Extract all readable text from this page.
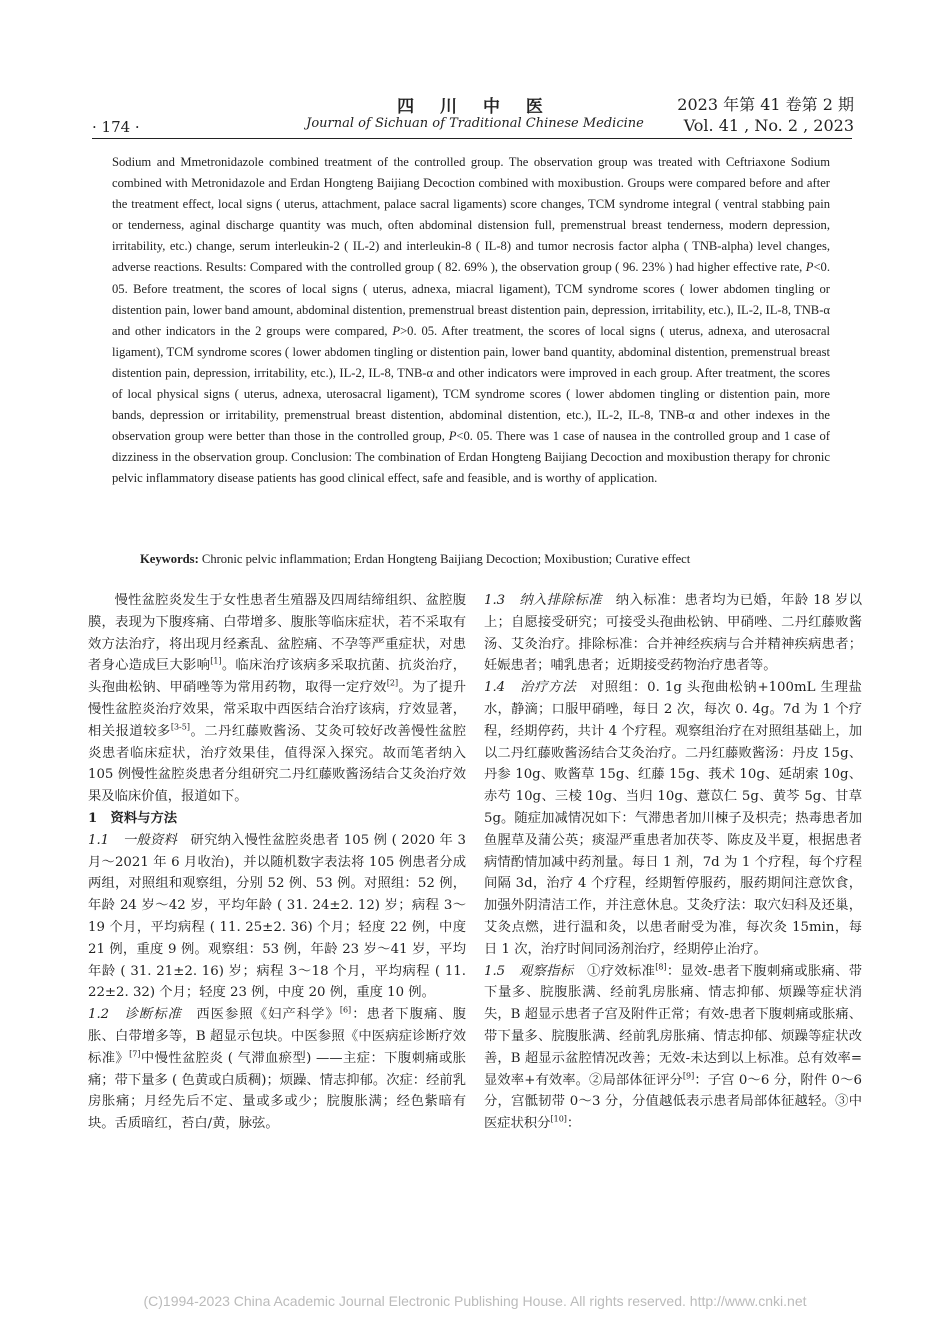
· 174 ·
四 川 中 医
Journal of Sichuan of Traditional Chinese Medicine
2023 年第 41 卷第 2 期
Vol. 41 , No. 2 , 2023
Sodium and Mmetronidazole combined treatment of the controlled group. The observation group was treated with Ceftriaxone Sodium combined with Metronidazole and Erdan Hongteng Baijiang Decoction combined with moxibustion. Groups were compared before and after the treatment effect, local signs ( uterus, attachment, palace sacral ligaments) score changes, TCM syndrome integral ( ventral stabbing pain or tenderness, aginal discharge quantity was much, often abdominal distension full, premenstrual breast tenderness, modern depression, irritability, etc.) change, serum interleukin-2 ( IL-2) and interleukin-8 ( IL-8) and tumor necrosis factor alpha ( TNB-alpha) level changes, adverse reactions. Results: Compared with the controlled group ( 82. 69% ), the observation group ( 96. 23% ) had higher effective rate, P<0. 05. Before treatment, the scores of local signs ( uterus, adnexa, miacral ligament), TCM syndrome scores ( lower abdomen tingling or distention pain, lower band amount, abdominal distention, premenstrual breast distention pain, depression, irritability, etc.), IL-2, IL-8, TNB-α and other indicators in the 2 groups were compared, P>0. 05. After treatment, the scores of local signs ( uterus, adnexa, and uterosacral ligament), TCM syndrome scores ( lower abdomen tingling or distention pain, lower band quantity, abdominal distention, premenstrual breast distention pain, depression, irritability, etc.), IL-2, IL-8, TNB-α and other indicators were improved in each group. After treatment, the scores of local physical signs ( uterus, adnexa, uterosacral ligament), TCM syndrome scores ( lower abdomen tingling or distention pain, more bands, depression or irritability, premenstrual breast distention, abdominal distention, etc.), IL-2, IL-8, TNB-α and other indexes in the observation group were better than those in the controlled group, P<0. 05. There was 1 case of nausea in the controlled group and 1 case of dizziness in the observation group. Conclusion: The combination of Erdan Hongteng Baijiang Decoction and moxibustion therapy for chronic pelvic inflammatory disease patients has good clinical effect, safe and feasible, and is worthy of application.
Keywords: Chronic pelvic inflammation; Erdan Hongteng Baijiang Decoction; Moxibustion; Curative effect

慢性盆腔炎发生于女性患者生殖器及四周结缔组织、盆腔腹膜，表现为下腹疼痛、白带增多、腹胀等临床症状，若不采取有效方法治疗，将出现月经紊乱、盆腔痛、不孕等严重症状，对患者身心造成巨大影响[1]。临床治疗该病多采取抗菌、抗炎治疗，头孢曲松钠、甲硝唑等为常用药物，取得一定疗效[2]。为了提升慢性盆腔炎治疗效果，常采取中西医结合治疗该病，疗效显著，相关报道较多[3-5]。二丹红藤败酱汤、艾灸可较好改善慢性盆腔炎患者临床症状，治疗效果佳，值得深入探究。故而笔者纳入 105 例慢性盆腔炎患者分组研究二丹红藤败酱汤结合艾灸治疗效果及临床价值，报道如下。

1　资料与方法

1.1　一般资料　研究纳入慢性盆腔炎患者 105 例 ( 2020 年 3 月～2021 年 6 月收治)，并以随机数字表法将 105 例患者分成两组，对照组和观察组，分别 52 例、53 例。对照组：52 例，年龄 24 岁～42 岁，平均年龄 ( 31. 24±2. 12) 岁；病程 3～19 个月，平均病程 ( 11. 25±2. 36) 个月；轻度 22 例，中度 21 例，重度 9 例。观察组：53 例，年龄 23 岁～41 岁，平均年龄 ( 31. 21±2. 16) 岁；病程 3～18 个月，平均病程 ( 11. 22±2. 32) 个月；轻度 23 例，中度 20 例，重度 10 例。

1.2　诊断标准　西医参照《妇产科学》[6]：患者下腹痛、腹胀、白带增多等，B 超显示包块。中医参照《中医病症诊断疗效标准》[7]中慢性盆腔炎 ( 气滞血瘀型) ——主症：下腹刺痛或胀痛；带下量多 ( 色黄或白质稠)；烦躁、情志抑郁。次症：经前乳房胀痛；月经先后不定、量或多或少；脘腹胀满；经色紫暗有块。舌质暗红，苔白/黄，脉弦。

1.3　纳入排除标准　纳入标准：患者均为已婚，年龄 18 岁以上；自愿接受研究；可接受头孢曲松钠、甲硝唑、二丹红藤败酱汤、艾灸治疗。排除标准：合并神经疾病与合并精神疾病患者；妊娠患者；哺乳患者；近期接受药物治疗患者等。

1.4　治疗方法　对照组：0. 1g 头孢曲松钠+100mL 生理盐水，静滴；口服甲硝唑，每日 2 次，每次 0. 4g。7d 为 1 个疗程，经期停药，共计 4 个疗程。观察组治疗在对照组基础上，加以二丹红藤败酱汤结合艾灸治疗。二丹红藤败酱汤：丹皮 15g、丹参 10g、败酱草 15g、红藤 15g、莪术 10g、延胡索 10g、赤芍 10g、三棱 10g、当归 10g、薏苡仁 5g、黄芩 5g、甘草 5g。随症加减情况如下：气滞患者加川楝子及枳壳；热毒患者加鱼腥草及蒲公英；痰湿严重患者加茯苓、陈皮及半夏，根据患者病情酌情加减中药剂量。每日 1 剂，7d 为 1 个疗程，每个疗程间隔 3d，治疗 4 个疗程，经期暂停服药，服药期间注意饮食，加强外阴清洁工作，并注意休息。艾灸疗法：取穴妇科及还巢，艾灸点燃，进行温和灸，以患者耐受为准，每次灸 15min，每日 1 次，治疗时间同汤剂治疗，经期停止治疗。

1.5　观察指标　①疗效标准[8]：显效-患者下腹刺痛或胀痛、带下量多、脘腹胀满、经前乳房胀痛、情志抑郁、烦躁等症状消失，B 超显示患者子宫及附件正常；有效-患者下腹刺痛或胀痛、带下量多、脘腹胀满、经前乳房胀痛、情志抑郁、烦躁等症状改善，B 超显示盆腔情况改善；无效-未达到以上标准。总有效率=显效率+有效率。②局部体征评分[9]：子宫 0～6 分，附件 0～6 分，宫骶韧带 0～3 分，分值越低表示患者局部体征越轻。③中医症状积分[10]：

(C)1994-2023 China Academic Journal Electronic Publishing House. All rights reserved. http://www.cnki.net
